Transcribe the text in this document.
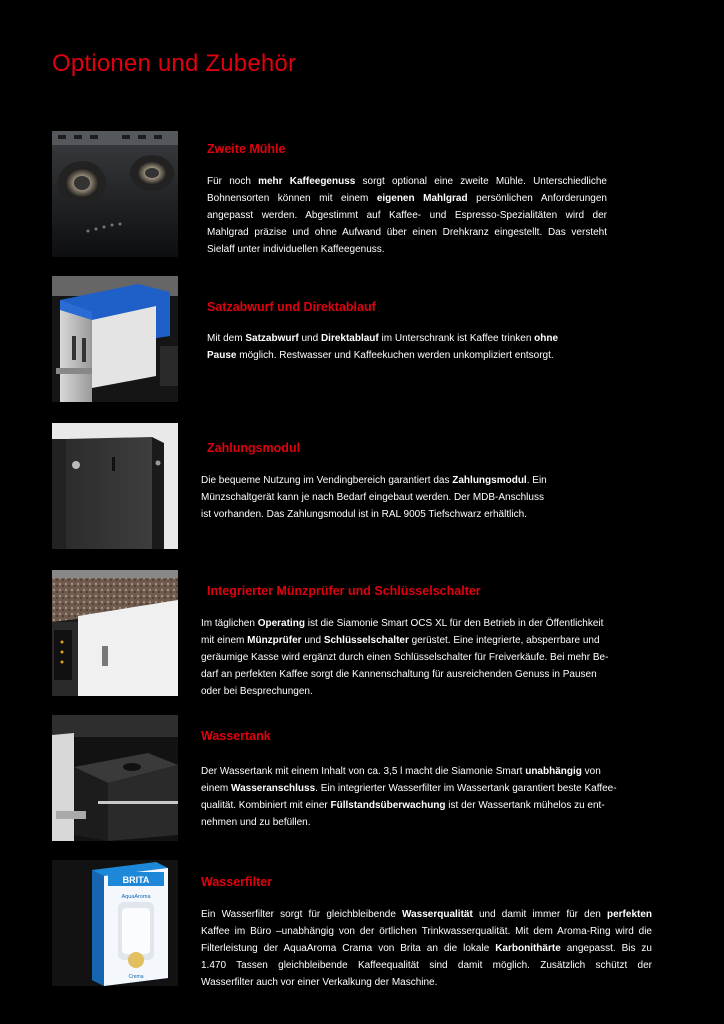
Optionen und Zubehör
Zweite Mühle
Für noch mehr Kaffeegenuss sorgt optional eine zweite Mühle. Unterschiedliche
Bohnensorten können mit einem eigenen Mahlgrad persönlichen Anforderungen
angepasst werden. Abgestimmt auf Kaffee- und Espresso-Spezialitäten wird der
Mahlgrad präzise und ohne Aufwand über einen Drehkranz eingestellt. Das versteht
Sielaff unter individuellen Kaffeegenuss.
Satzabwurf und Direktablauf
Mit dem Satzabwurf und Direktablauf im Unterschrank ist Kaffee trinken ohne
Pause möglich. Restwasser und Kaffeekuchen werden unkompliziert entsorgt.
Zahlungsmodul
Die bequeme Nutzung im Vendingbereich garantiert das Zahlungsmodul. Ein
Münzschaltgerät kann je nach Bedarf eingebaut werden. Der MDB-Anschluss
ist vorhanden. Das Zahlungsmodul ist in RAL 9005 Tiefschwarz erhältlich.
Integrierter Münzprüfer und Schlüsselschalter
Im täglichen Operating ist die Siamonie Smart OCS XL für den Betrieb in der Öffentlichkeit
mit einem Münzprüfer und Schlüsselschalter gerüstet. Eine integrierte, absperrbare und
geräumige Kasse wird ergänzt durch einen Schlüsselschalter für Freiverkäufe. Bei mehr Be-
darf an perfekten Kaffee sorgt die Kannenschaltung für ausreichenden Genuss in Pausen
oder bei Besprechungen.
Wassertank
Der Wassertank mit einem Inhalt von ca. 3,5 l macht die Siamonie Smart unabhängig von
einem Wasseranschluss. Ein integrierter Wasserfilter im Wassertank garantiert beste Kaffee-
qualität. Kombiniert mit einer Füllstandsüberwachung ist der Wassertank mühelos zu ent-
nehmen und zu befüllen.
BRITA
AquaAroma
Crema
Wasserfilter
Ein Wasserfilter sorgt für gleichbleibende Wasserqualität und damit immer für den perfekten
Kaffee im Büro –unabhängig von der örtlichen Trinkwasserqualität. Mit dem Aroma-Ring wird die
Filterleistung der AquaAroma Crama von Brita an die lokale Karbonithärte angepasst. Bis zu
1.470 Tassen gleichbleibende Kaffeequalität sind damit möglich. Zusätzlich schützt der
Wasserfilter auch vor einer Verkalkung der Maschine.
